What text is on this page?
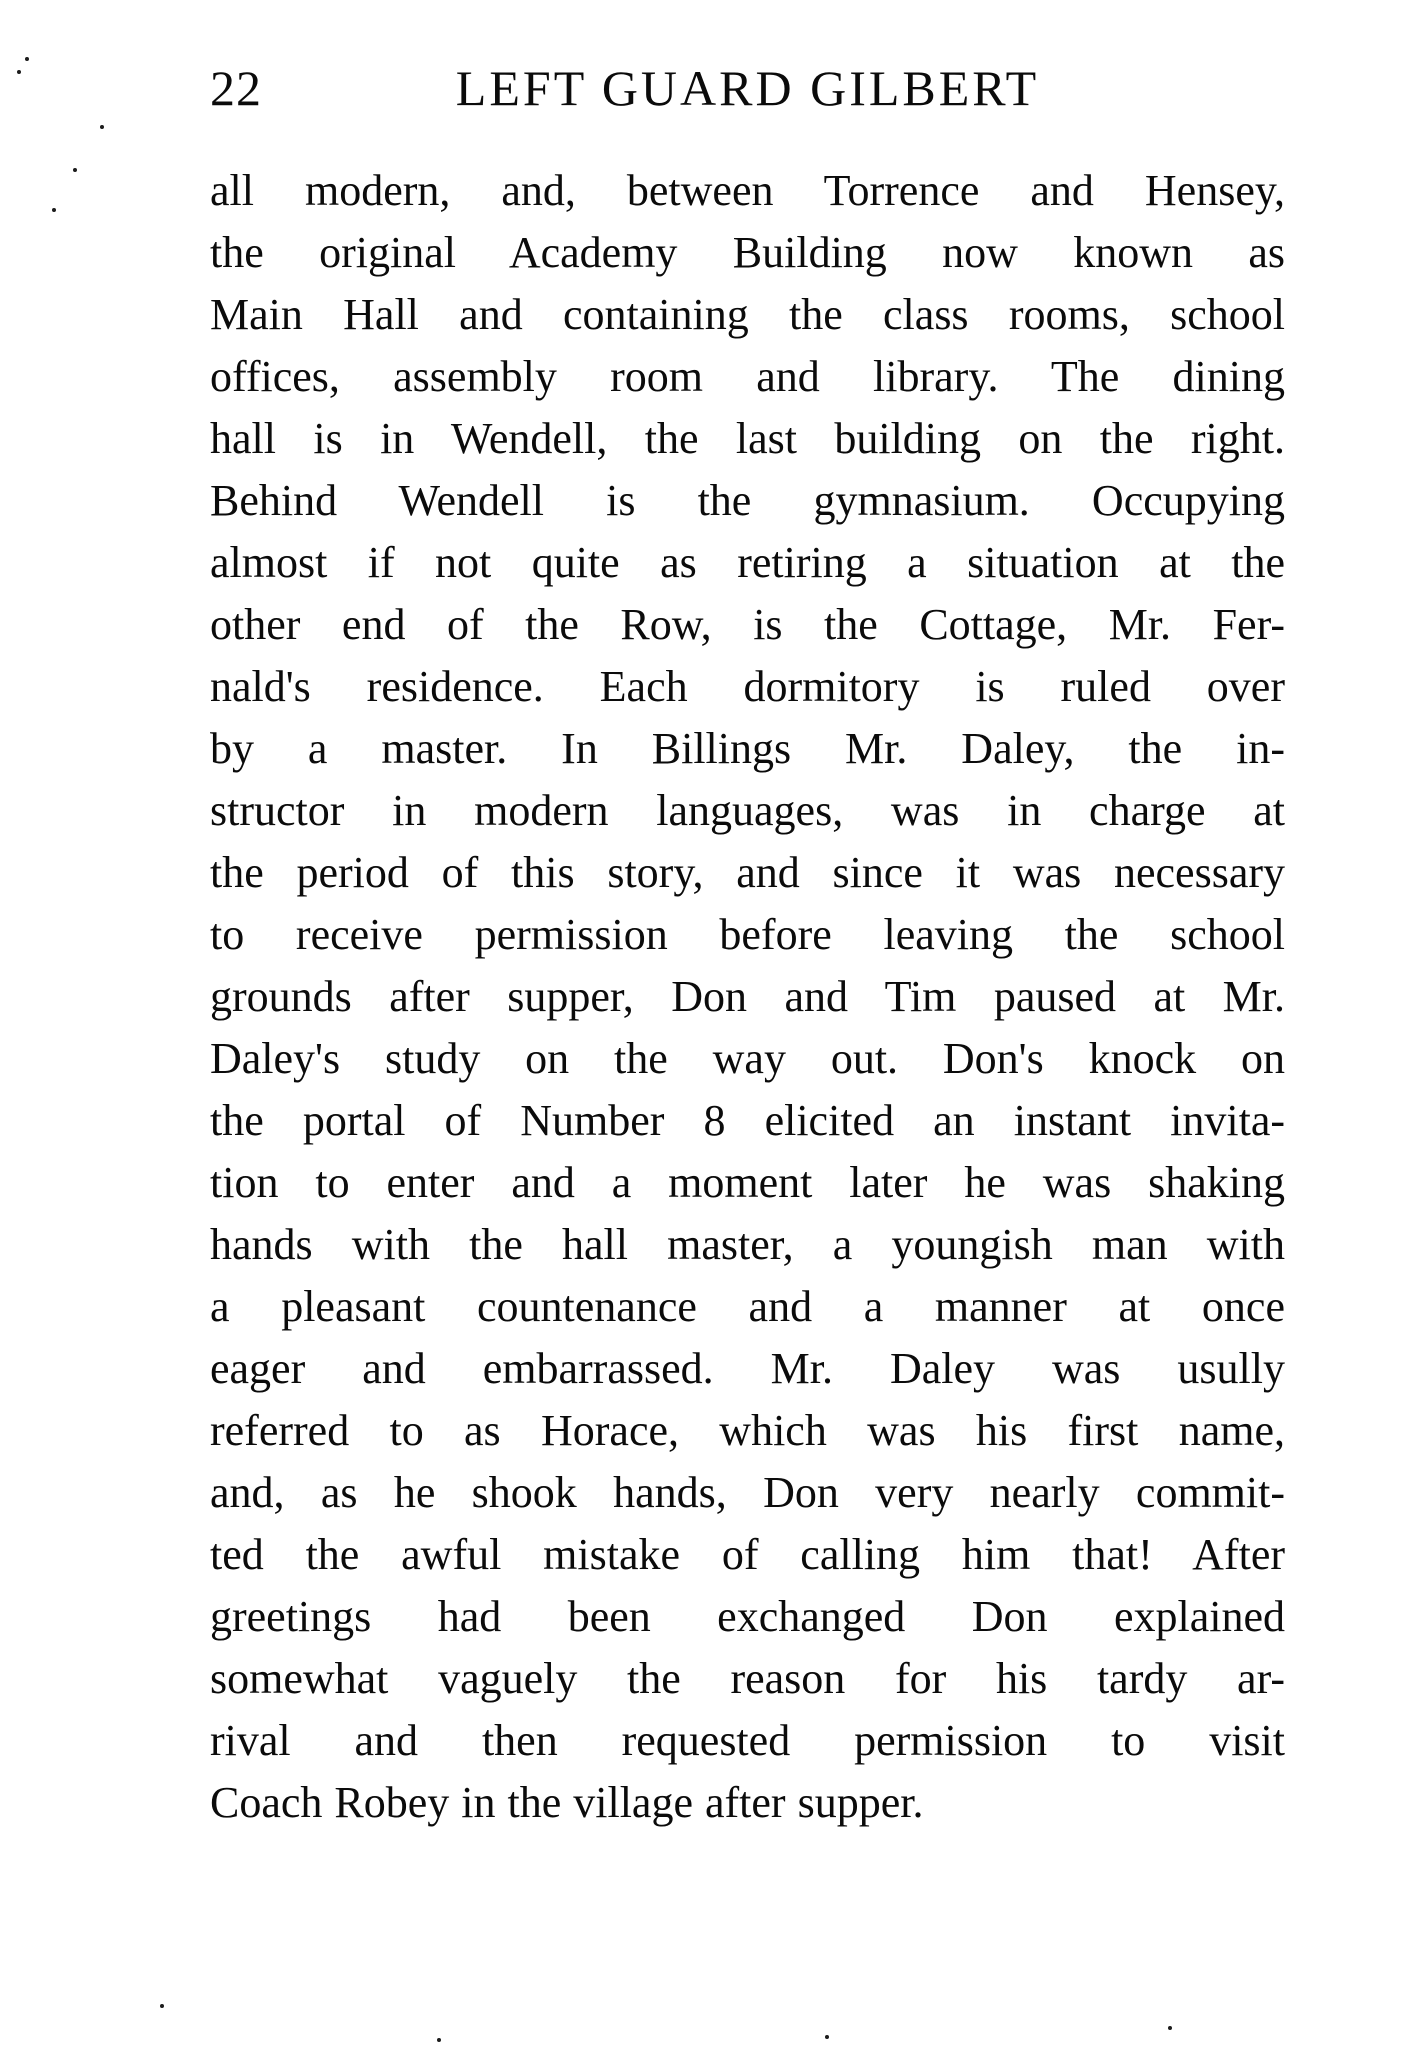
22	LEFT GUARD GILBERT

all modern, and, between Torrence and Hensey,

the original Academy Building now known as

Main Hall and containing the class rooms, school

offices, assembly room and library. The dining

hall is in Wendell, the last building on the right.

Behind Wendell is the gymnasium. Occupying

almost if not quite as retiring a situation at the

other end of the Row, is the Cottage, Mr. Fer-

nald's residence. Each dormitory is ruled over

by a master. In Billings Mr. Daley, the in-

structor in modern languages, was in charge at

the period of this story, and since it was necessary

to receive permission before leaving the school

grounds after supper, Don and Tim paused at Mr.

Daley's study on the way out. Don's knock on

the portal of Number 8 elicited an instant invita-

tion to enter and a moment later he was shaking

hands with the hall master, a youngish man with

a pleasant countenance and a manner at once

eager and embarrassed. Mr. Daley was usully

referred to as Horace, which was his first name,

and, as he shook hands, Don very nearly commit-

ted the awful mistake of calling him that! After

greetings had been exchanged Don explained

somewhat vaguely the reason for his tardy ar-

rival and then requested permission to visit

Coach Robey in the village after supper.
